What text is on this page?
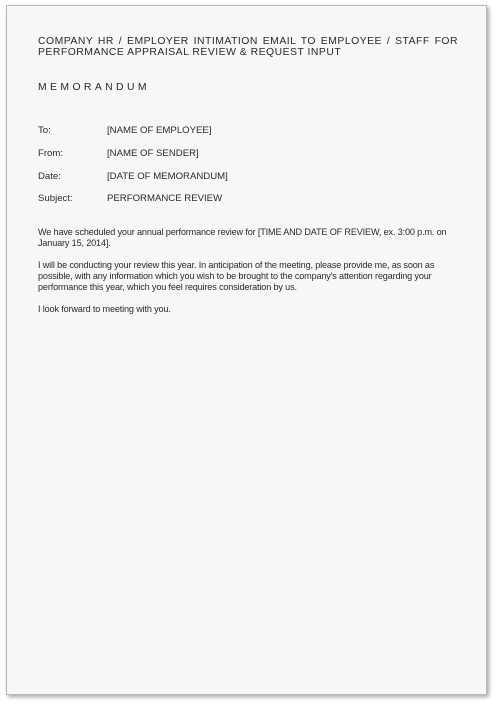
COMPANY HR / EMPLOYER INTIMATION EMAIL TO EMPLOYEE / STAFF FOR PERFORMANCE APPRAISAL REVIEW & REQUEST INPUT
MEMORANDUM
To:	[NAME OF EMPLOYEE]
From:	[NAME OF SENDER]
Date:	[DATE OF MEMORANDUM]
Subject:	PERFORMANCE REVIEW
We have scheduled your annual performance review for [TIME AND DATE OF REVIEW, ex. 3:00 p.m. on January 15, 2014].
I will be conducting your review this year. In anticipation of the meeting, please provide me, as soon as possible, with any information which you wish to be brought to the company's attention regarding your performance this year, which you feel requires consideration by us.
I look forward to meeting with you.
